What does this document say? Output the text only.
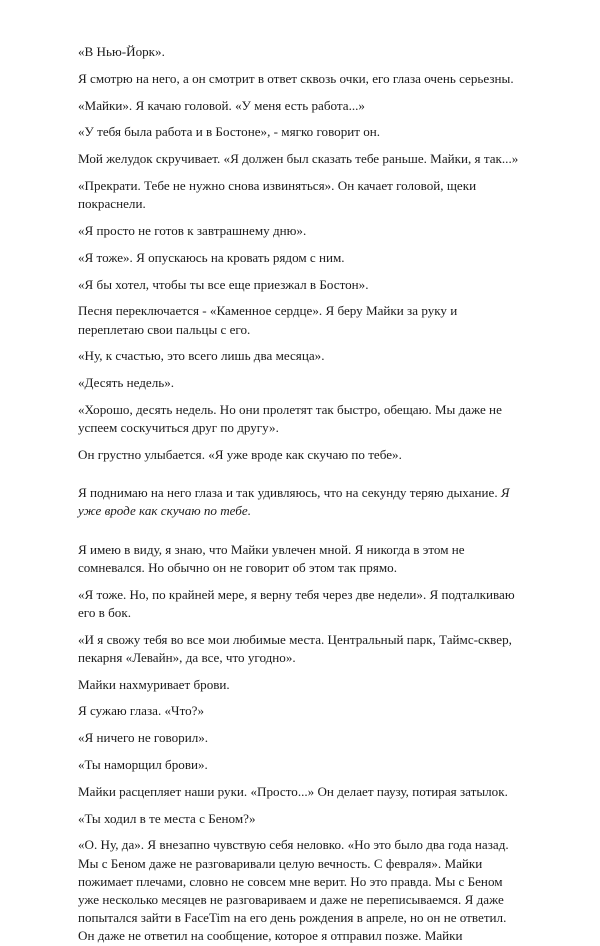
«В Нью-Йорк».

Я смотрю на него, а он смотрит в ответ сквозь очки, его глаза очень серьезны.

«Майки». Я качаю головой. «У меня есть работа...»

«У тебя была работа и в Бостоне», - мягко говорит он.

Мой желудок скручивает. «Я должен был сказать тебе раньше. Майки, я так...»

«Прекрати. Тебе не нужно снова извиняться». Он качает головой, щеки покраснели.

«Я просто не готов к завтрашнему дню».

«Я тоже». Я опускаюсь на кровать рядом с ним.

«Я бы хотел, чтобы ты все еще приезжал в Бостон».

Песня переключается - «Каменное сердце». Я беру Майки за руку и переплетаю свои пальцы с его.

«Ну, к счастью, это всего лишь два месяца».

«Десять недель».

«Хорошо, десять недель. Но они пролетят так быстро, обещаю. Мы даже не успеем соскучиться друг по другу».

Он грустно улыбается. «Я уже вроде как скучаю по тебе».

Я поднимаю на него глаза и так удивляюсь, что на секунду теряю дыхание. Я уже вроде как скучаю по тебе.

Я имею в виду, я знаю, что Майки увлечен мной. Я никогда в этом не сомневался. Но обычно он не говорит об этом так прямо.

«Я тоже. Но, по крайней мере, я верну тебя через две недели». Я подталкиваю его в бок.

«И я свожу тебя во все мои любимые места. Центральный парк, Таймс-сквер, пекарня «Левайн», да все, что угодно».

Майки нахмуривает брови.

Я сужаю глаза. «Что?»

«Я ничего не говорил».

«Ты наморщил брови».

Майки расцепляет наши руки. «Просто...» Он делает паузу, потирая затылок.

«Ты ходил в те места с Беном?»

«О. Ну, да». Я внезапно чувствую себя неловко. «Но это было два года назад. Мы с Беном даже не разговаривали целую вечность. С февраля». Майки пожимает плечами, словно не совсем мне верит. Но это правда. Мы с Беном уже несколько месяцев не разговариваем и даже не переписываемся. Я даже попытался зайти в FaceTim на его день рождения в апреле, но он не ответил. Он даже не ответил на сообщение, которое я отправил позже. Майки
